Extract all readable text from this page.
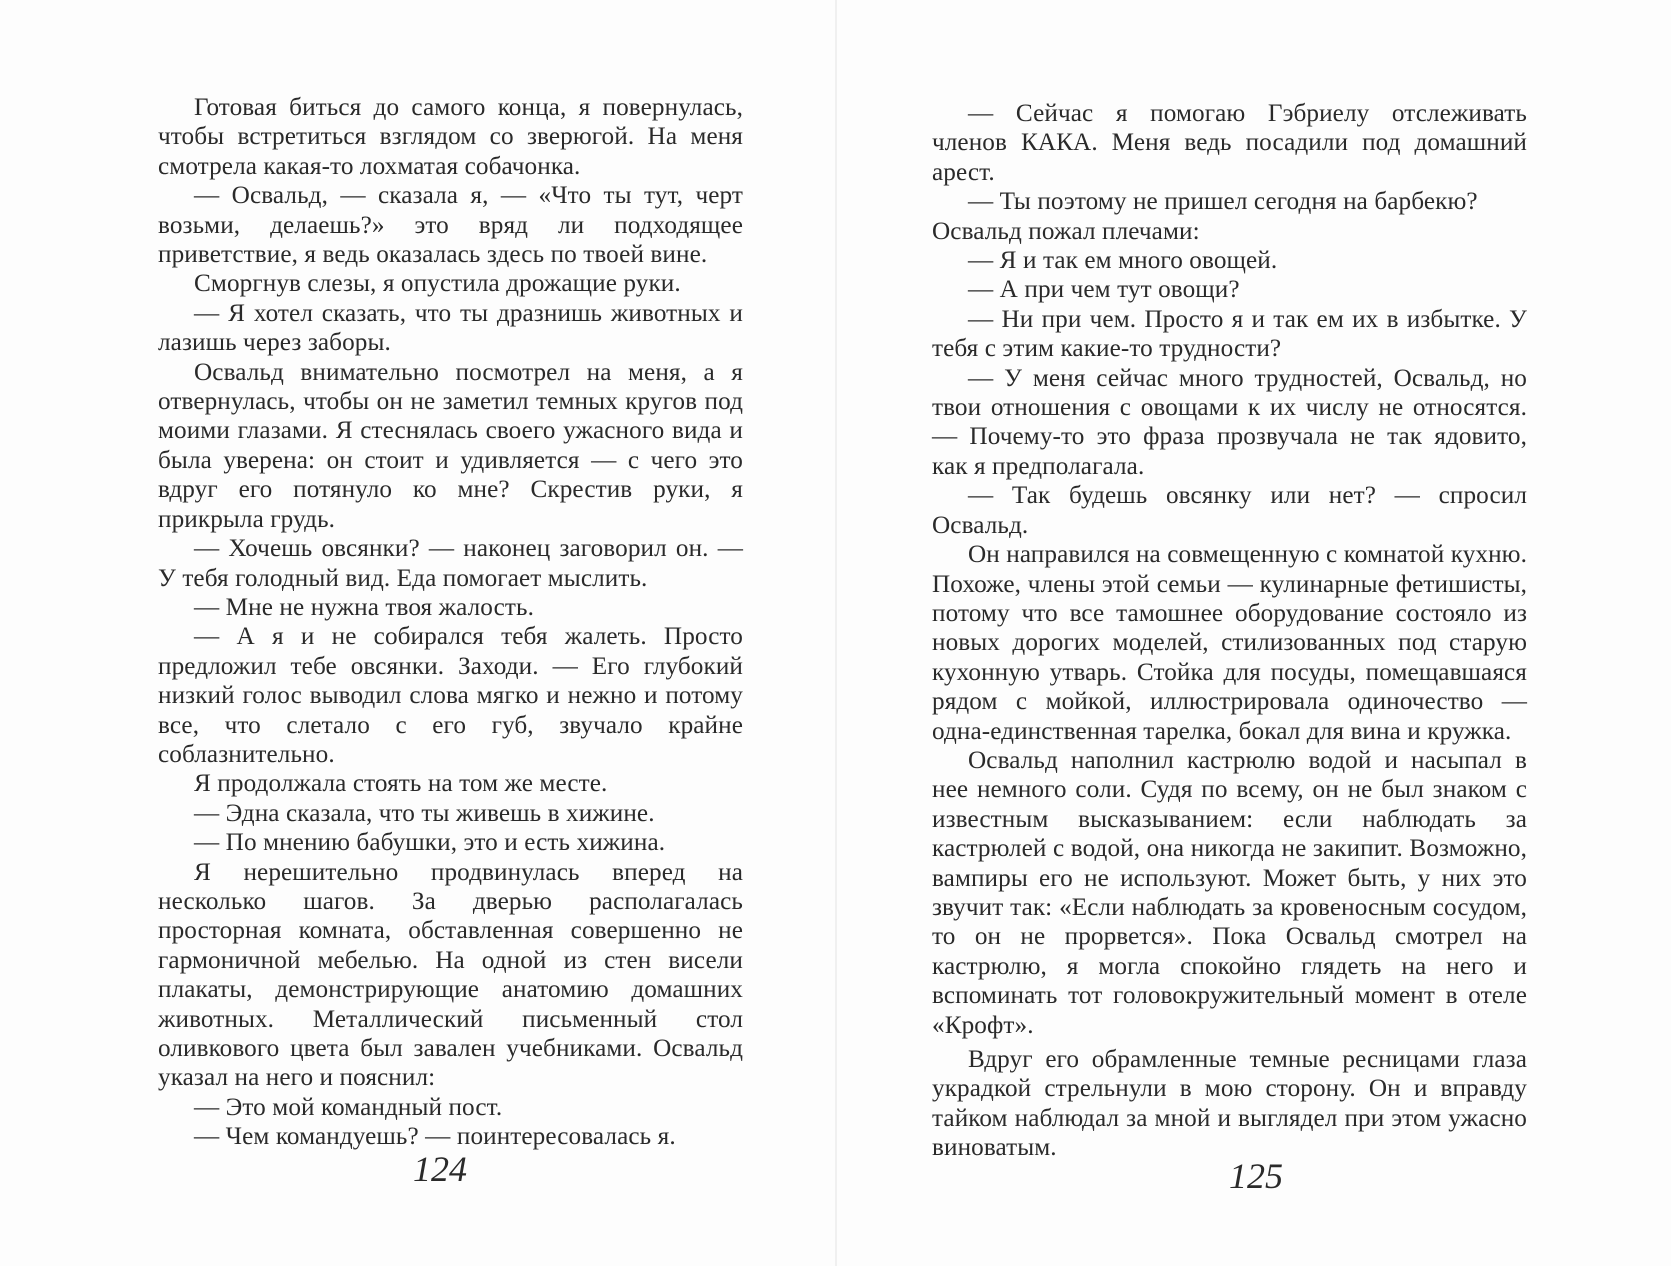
Готовая биться до самого конца, я повернулась, чтобы встретиться взглядом со зверюгой. На меня смотрела какая-то лохматая собачонка.

— Освальд, — сказала я, — «Что ты тут, черт возьми, делаешь?» это вряд ли подходящее приветствие, я ведь оказалась здесь по твоей вине.

Сморгнув слезы, я опустила дрожащие руки.

— Я хотел сказать, что ты дразнишь животных и лазишь через заборы.

Освальд внимательно посмотрел на меня, а я отвернулась, чтобы он не заметил темных кругов под моими глазами. Я стеснялась своего ужасного вида и была уверена: он стоит и удивляется — с чего это вдруг его потянуло ко мне? Скрестив руки, я прикрыла грудь.

— Хочешь овсянки? — наконец заговорил он. — У тебя голодный вид. Еда помогает мыслить.

— Мне не нужна твоя жалость.

— А я и не собирался тебя жалеть. Просто предложил тебе овсянки. Заходи. — Его глубокий низкий голос выводил слова мягко и нежно и потому все, что слетало с его губ, звучало крайне соблазнительно.

Я продолжала стоять на том же месте.

— Эдна сказала, что ты живешь в хижине.

— По мнению бабушки, это и есть хижина.

Я нерешительно продвинулась вперед на несколько шагов. За дверью располагалась просторная комната, обставленная совершенно не гармоничной мебелью. На одной из стен висели плакаты, демонстрирующие анатомию домашних животных. Металлический письменный стол оливкового цвета был завален учебниками. Освальд указал на него и пояснил:

— Это мой командный пост.

— Чем командуешь? — поинтересовалась я.

124

— Сейчас я помогаю Гэбриелу отслеживать членов КАКА. Меня ведь посадили под домашний арест.

— Ты поэтому не пришел сегодня на барбекю?

Освальд пожал плечами:

— Я и так ем много овощей.

— А при чем тут овощи?

— Ни при чем. Просто я и так ем их в избытке. У тебя с этим какие-то трудности?

— У меня сейчас много трудностей, Освальд, но твои отношения с овощами к их числу не относятся. — Почему-то это фраза прозвучала не так ядовито, как я предполагала.

— Так будешь овсянку или нет? — спросил Освальд.

Он направился на совмещенную с комнатой кухню. Похоже, члены этой семьи — кулинарные фетишисты, потому что все тамошнее оборудование состояло из новых дорогих моделей, стилизованных под старую кухонную утварь. Стойка для посуды, помещавшаяся рядом с мойкой, иллюстрировала одиночество — одна-единственная тарелка, бокал для вина и кружка.

Освальд наполнил кастрюлю водой и насыпал в нее немного соли. Судя по всему, он не был знаком с известным высказыванием: если наблюдать за кастрюлей с водой, она никогда не закипит. Возможно, вампиры его не используют. Может быть, у них это звучит так: «Если наблюдать за кровеносным сосудом, то он не прорвется». Пока Освальд смотрел на кастрюлю, я могла спокойно глядеть на него и вспоминать тот головокружительный момент в отеле «Крофт».

Вдруг его обрамленные темные ресницами глаза украдкой стрельнули в мою сторону. Он и вправду тайком наблюдал за мной и выглядел при этом ужасно виноватым.

125
